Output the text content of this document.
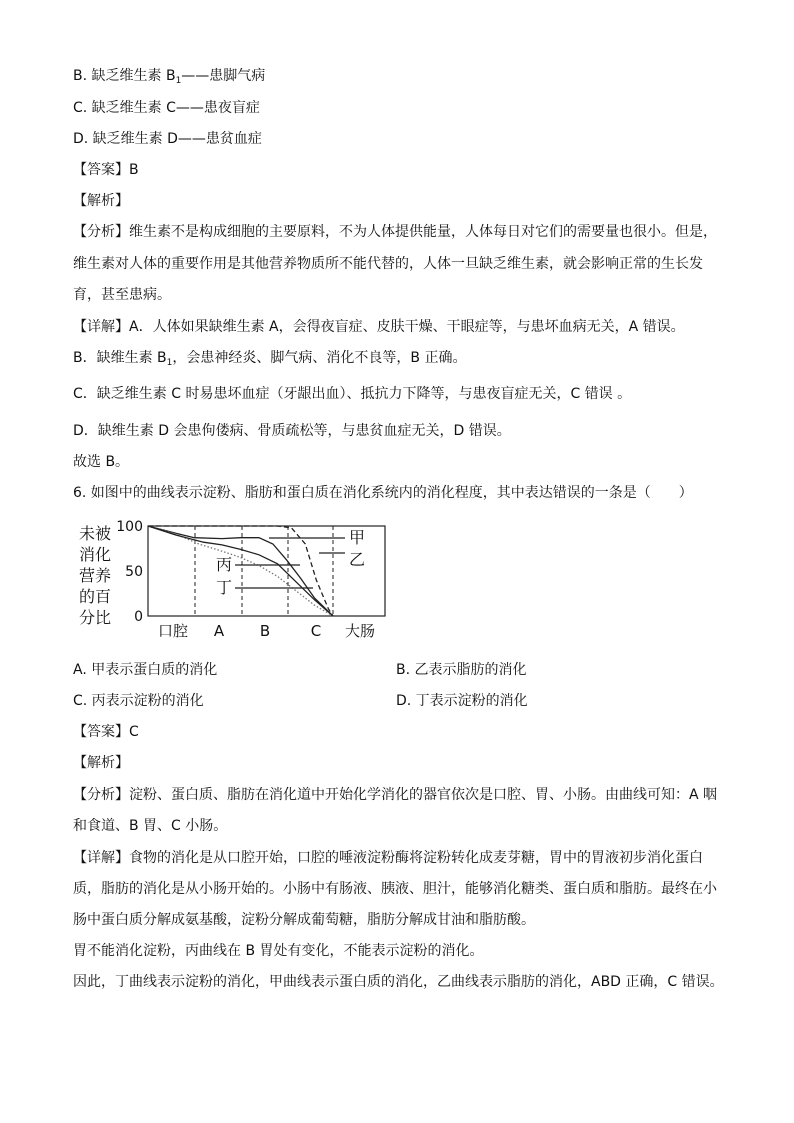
B. 缺乏维生素 $B_1——$患脚气病
C. 缺乏维生素 C——患夜盲症
D. 缺乏维生素 D——患贫血症
【答案】B
【解析】
【分析】维生素不是构成细胞的主要原料，不为人体提供能量，人体每日对它们的需要量也很小。但是，
维生素对人体的重要作用是其他营养物质所不能代替的，人体一旦缺乏维生素，就会影响正常的生长发
育，甚至患病。
【详解】A．人体如果缺维生素 A，会得夜盲症、皮肤干燥、干眼症等，与患坏血病无关，A 错误。
B．缺维生素 $B_1$，会患神经炎、脚气病、消化不良等，B 正确。
C．缺乏维生素 C 时易患坏血症（牙龈出血）、抵抗力下降等，与患夜盲症无关，C 错误 。
D．缺维生素 D 会患佝偻病、骨质疏松等，与患贫血症无关，D 错误。
故选 B。
6. 如图中的曲线表示淀粉、脂肪和蛋白质在消化系统内的消化程度，其中表达错误的一条是（　　）
未被
消化
营养
的百
分比
100
50
0
甲
乙
丙
丁
口腔 A B	C 大肠
A. 甲表示蛋白质的消化	B. 乙表示脂肪的消化
C. 丙表示淀粉的消化	D. 丁表示淀粉的消化
【答案】C
【解析】
【分析】淀粉、蛋白质、脂肪在消化道中开始化学消化的器官依次是口腔、胃、小肠。由曲线可知：A 咽
和食道、B 胃、C 小肠。
【详解】食物的消化是从口腔开始，口腔的唾液淀粉酶将淀粉转化成麦芽糖，胃中的胃液初步消化蛋白
质，脂肪的消化是从小肠开始的。小肠中有肠液、胰液、胆汁，能够消化糖类、蛋白质和脂肪。最终在小
肠中蛋白质分解成氨基酸，淀粉分解成葡萄糖，脂肪分解成甘油和脂肪酸。
胃不能消化淀粉，丙曲线在 B 胃处有变化，不能表示淀粉的消化。
因此，丁曲线表示淀粉的消化，甲曲线表示蛋白质的消化，乙曲线表示脂肪的消化，ABD 正确，C 错误。
